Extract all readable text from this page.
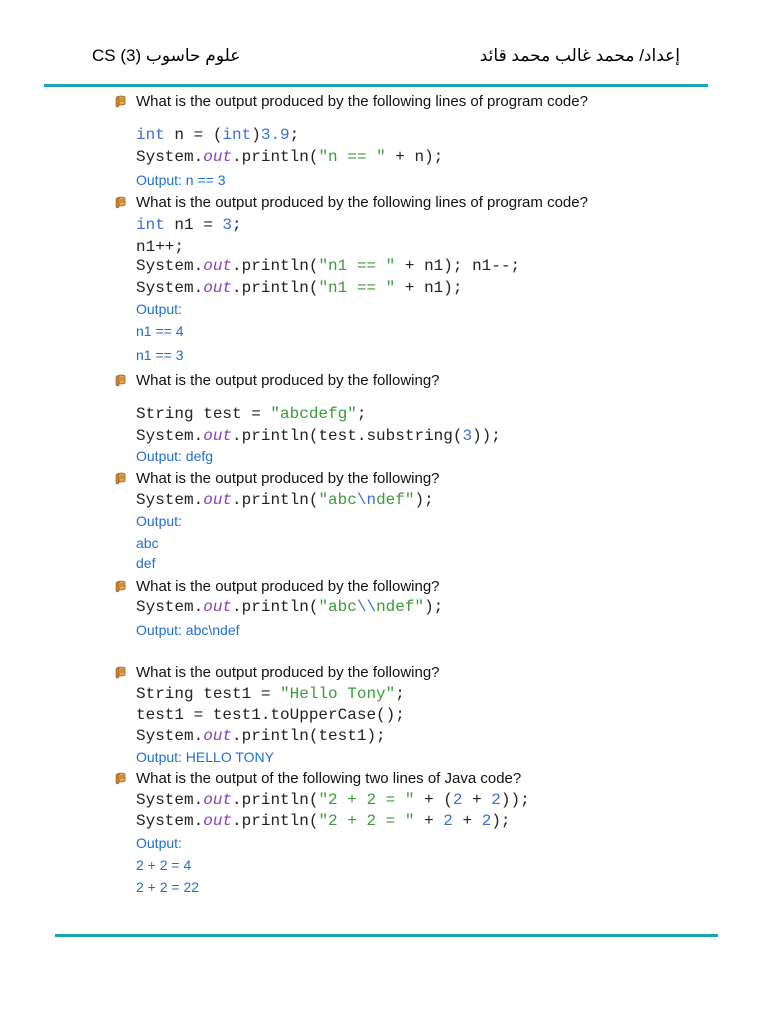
علوم حاسوب CS (3)	إعداد/ محمد غالب محمد قائد
What is the output produced by the following lines of program code?
int n = (int)3.9;
System.out.println("n == " + n);
Output: n == 3
What is the output produced by the following lines of program code?
int n1 = 3;
n1++;
System.out.println("n1 == " + n1); n1--;
System.out.println("n1 == " + n1);
Output:
n1 == 4
n1 == 3
What is the output produced by the following?
String test = "abcdefg";
System.out.println(test.substring(3));
Output: defg
What is the output produced by the following?
System.out.println("abc\ndef");
Output:
abc
def
What is the output produced by the following?
System.out.println("abc\\ndef");
Output: abc\ndef
What is the output produced by the following?
String test1 = "Hello Tony";
test1 = test1.toUpperCase();
System.out.println(test1);
Output: HELLO TONY
What is the output of the following two lines of Java code?
System.out.println("2 + 2 = " + (2 + 2));
System.out.println("2 + 2 = " + 2 + 2);
Output:
2 + 2 = 4
2 + 2 = 22
